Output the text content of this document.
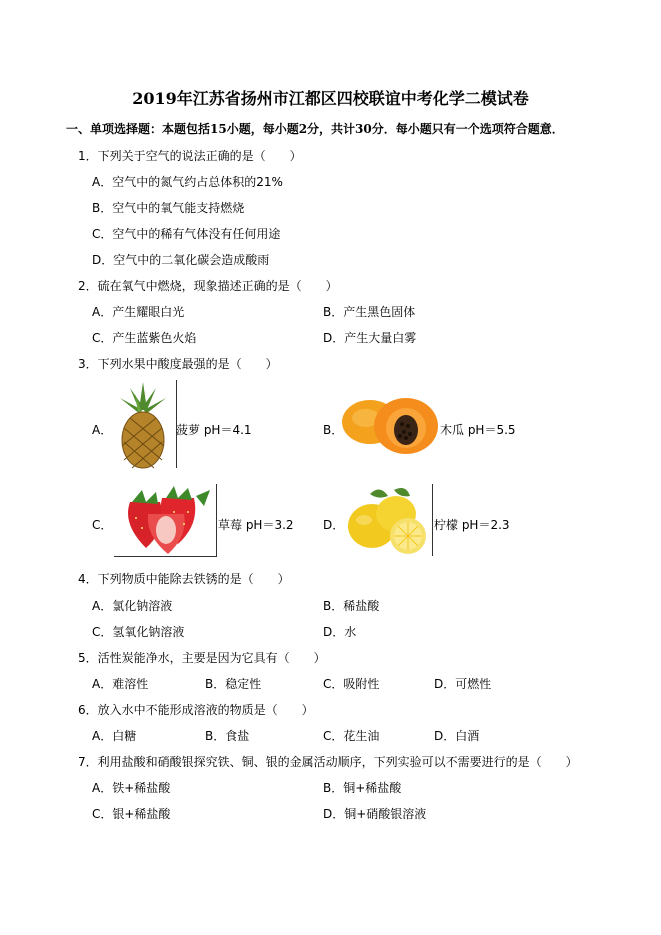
2019年江苏省扬州市江都区四校联谊中考化学二模试卷
一、单项选择题：本题包括15小题，每小题2分，共计30分．每小题只有一个选项符合题意．
1．下列关于空气的说法正确的是（　　）
A．空气中的氮气约占总体积的21%
B．空气中的氧气能支持燃烧
C．空气中的稀有气体没有任何用途
D．空气中的二氧化碳会造成酸雨
2．硫在氧气中燃烧，现象描述正确的是（　　）
A．产生耀眼白光	B．产生黑色固体
C．产生蓝紫色火焰	D．产生大量白雾
3．下列水果中酸度最强的是（　　）
A．	菠萝 pH＝4.1	B．	木瓜 pH＝5.5
C．	草莓 pH＝3.2 D．	柠檬 pH＝2.3
4．下列物质中能除去铁锈的是（　　）
A．氯化钠溶液	B．稀盐酸
C．氢氧化钠溶液	D．水
5．活性炭能净水，主要是因为它具有（　　）
A．难溶性	B．稳定性	C．吸附性	D．可燃性
6．放入水中不能形成溶液的物质是（　　）
A．白糖	B．食盐	C．花生油	D．白酒
7．利用盐酸和硝酸银探究铁、铜、银的金属活动顺序，下列实验可以不需要进行的是（　　）
A．铁+稀盐酸	B．铜+稀盐酸
C．银+稀盐酸	D．铜+硝酸银溶液
